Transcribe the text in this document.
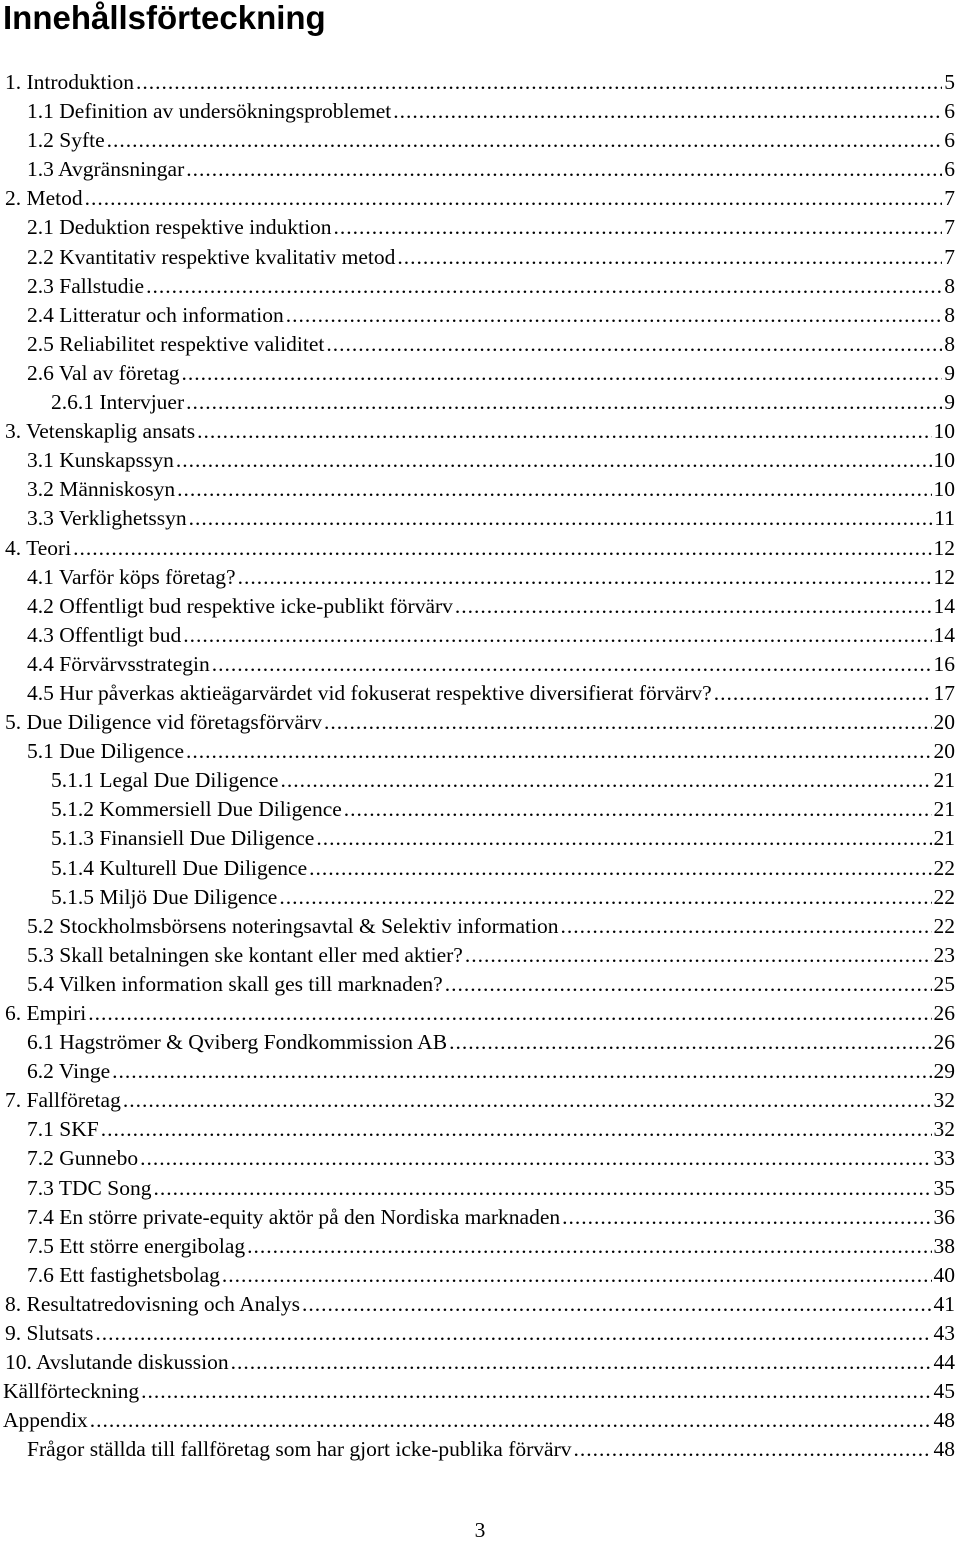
Innehållsförteckning
1. Introduktion .....	5
1.1 Definition av undersökningsproblemet .....	6
1.2 Syfte .....	6
1.3 Avgränsningar .....	6
2. Metod .....	7
2.1 Deduktion respektive induktion .....	7
2.2 Kvantitativ respektive kvalitativ metod .....	7
2.3 Fallstudie .....	8
2.4 Litteratur och information .....	8
2.5 Reliabilitet respektive validitet .....	8
2.6 Val av företag .....	9
2.6.1 Intervjuer .....	9
3. Vetenskaplig ansats .....	10
3.1 Kunskapssyn .....	10
3.2 Människosyn .....	10
3.3 Verklighetssyn .....	11
4. Teori .....	12
4.1 Varför köps företag? .....	12
4.2 Offentligt bud respektive icke-publikt förvärv .....	14
4.3 Offentligt bud .....	14
4.4 Förvärvsstrategin .....	16
4.5 Hur påverkas aktieägarvärdet vid fokuserat respektive diversifierat förvärv? .....	17
5. Due Diligence vid företagsförvärv .....	20
5.1 Due Diligence .....	20
5.1.1 Legal Due Diligence .....	21
5.1.2 Kommersiell Due Diligence .....	21
5.1.3 Finansiell Due Diligence .....	21
5.1.4 Kulturell Due Diligence .....	22
5.1.5 Miljö Due Diligence .....	22
5.2 Stockholmsbörsens noteringsavtal & Selektiv information .....	22
5.3 Skall betalningen ske kontant eller med aktier? .....	23
5.4 Vilken information skall ges till marknaden? .....	25
6. Empiri .....	26
6.1 Hagströmer & Qviberg Fondkommission AB .....	26
6.2 Vinge .....	29
7. Fallföretag .....	32
7.1 SKF .....	32
7.2 Gunnebo .....	33
7.3 TDC Song .....	35
7.4 En större private-equity aktör på den Nordiska marknaden .....	36
7.5 Ett större energibolag .....	38
7.6 Ett fastighetsbolag .....	40
8. Resultatredovisning och Analys .....	41
9. Slutsats .....	43
10. Avslutande diskussion .....	44
Källförteckning .....	45
Appendix .....	48
Frågor ställda till fallföretag som har gjort icke-publika förvärv .....	48
3
